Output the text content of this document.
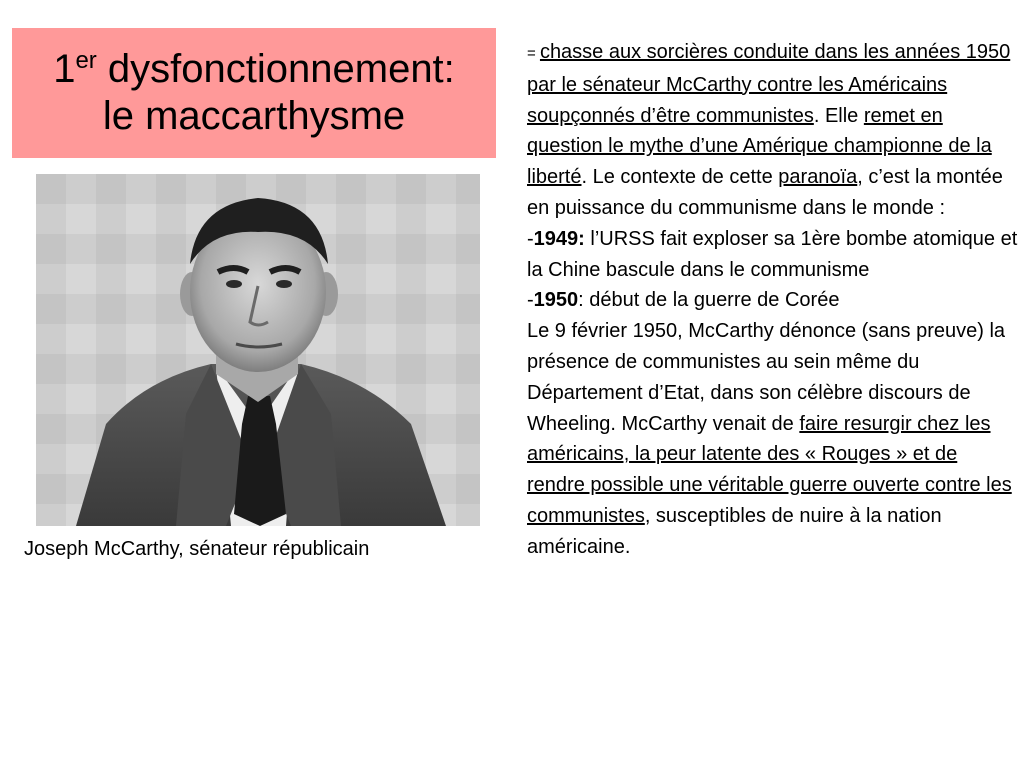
1er dysfonctionnement:
le maccarthysme
Joseph McCarthy, sénateur républicain

= chasse aux sorcières conduite dans les années 1950 par le sénateur McCarthy contre les Américains soupçonnés d’être communistes. Elle remet en question le mythe d’une Amérique championne de la liberté. Le contexte de cette paranoïa, c’est la montée en puissance du communisme dans le monde :

-1949: l’URSS fait exploser sa 1ère bombe atomique et la Chine bascule dans le communisme

-1950: début de la guerre de Corée

Le 9 février 1950, McCarthy dénonce (sans preuve) la présence de communistes au sein même du Département d’Etat, dans son célèbre discours de Wheeling. McCarthy venait de faire resurgir chez les américains, la peur latente des « Rouges » et de rendre possible une véritable guerre ouverte contre les communistes, susceptibles de nuire à la nation américaine.
